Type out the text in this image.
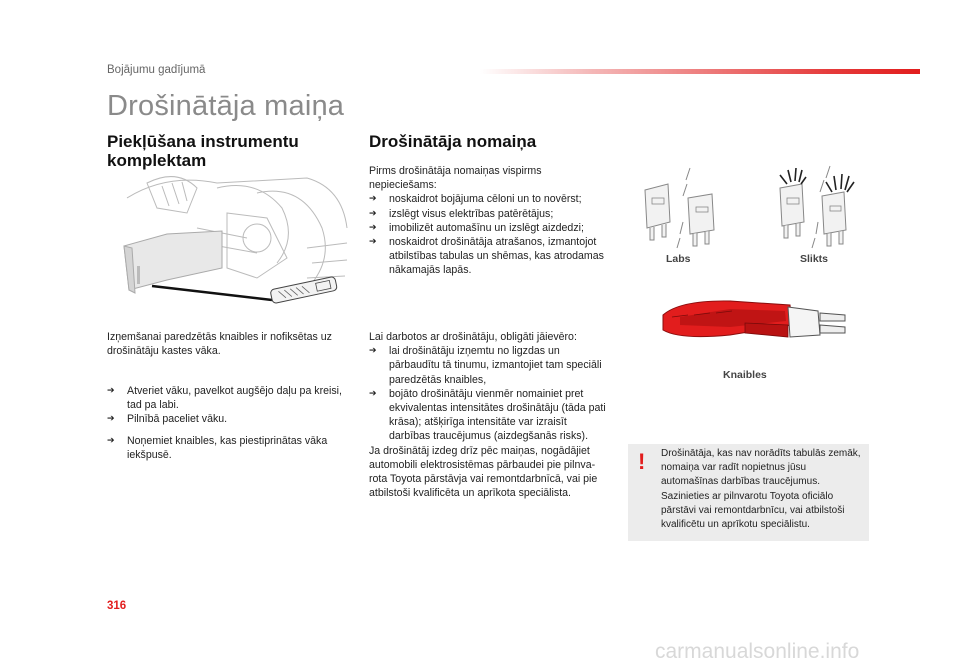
Bojājumu gadījumā
Drošinātāja maiņa
Piekļūšana instrumentu komplektam
Izņemšanai paredzētās knaibles ir nofiksētas uz drošinātāju kastes vāka.
➔ Atveriet vāku, pavelkot augšējo daļu pa kreisi, tad pa labi.
➔ Pilnībā paceliet vāku.
➔ Noņemiet knaibles, kas piestiprinātas vāka iekšpusē.
Drošinātāja nomaiņa
Pirms drošinātāja nomaiņas vispirms nepieciešams:
➔ noskaidrot bojājuma cēloni un to novērst;
➔ izslēgt visus elektrības patērētājus;
➔ imobilizēt automašīnu un izslēgt aizdedzi;
➔ noskaidrot drošinātāja atrašanos, izmantojot atbilstības tabulas un shēmas, kas atrodamas nākamajās lapās.
Lai darbotos ar drošinātāju, obligāti jāievēro:
➔ lai drošinātāju izņemtu no ligzdas un pārbaudītu tā tinumu, izmantojiet tam speciāli paredzētās knaibles,
➔ bojāto drošinātāju vienmēr nomainiet pret ekvivalentas intensitātes drošinātāju (tāda pati krāsa); atšķirīga intensitāte var izraisīt darbības traucējumus (aizdegšanās risks).
Ja drošinātāj izdeg drīz pēc maiņas, nogādājiet automobili elektrosistēmas pārbaudei pie pilnva-rota Toyota pārstāvja vai remontdarbnīcā, vai pie atbilstoši kvalificēta un aprīkota speciālista.
Labs	Slikts
Knaibles
! Drošinātāja, kas nav norādīts tabulās zemāk, nomaiņa var radīt nopietnus jūsu automašīnas darbības traucējumus. Sazinieties ar pilnvarotu Toyota oficiālo pārstāvi vai remontdarbnīcu, vai atbilstoši kvalificētu un aprīkotu speciālistu.
316
carmanualsonline.info
